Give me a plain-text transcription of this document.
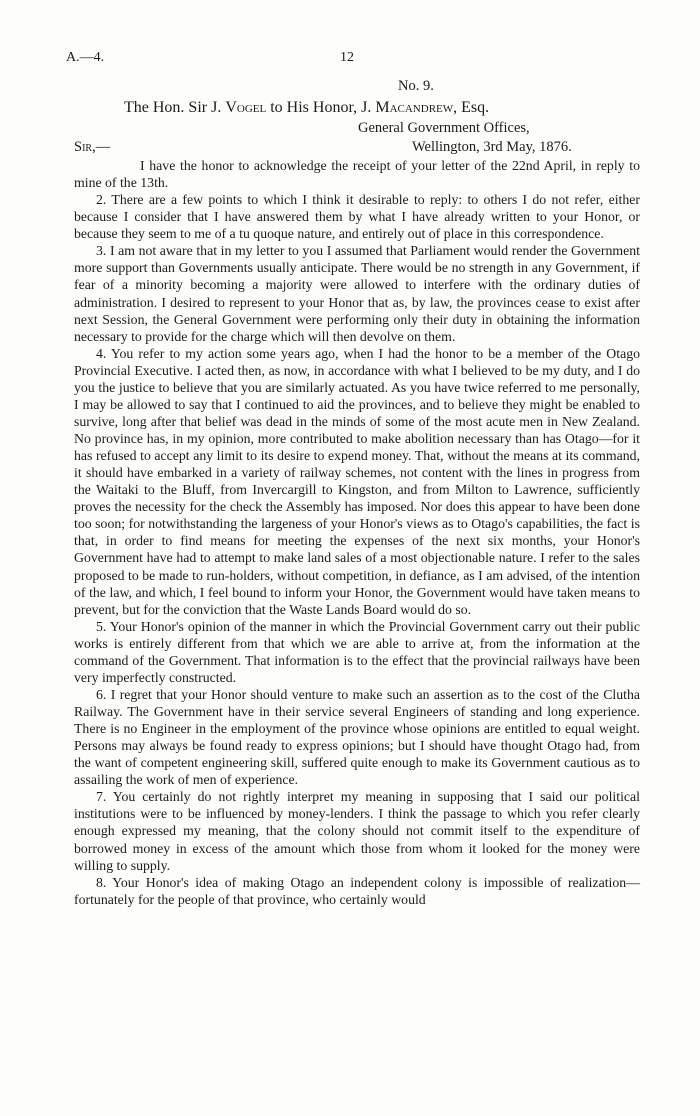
A.—4.	12
No. 9.
The Hon. Sir J. Vogel to His Honor, J. Macandrew, Esq.
General Government Offices,
Sir,—	Wellington, 3rd May, 1876.

I have the honor to acknowledge the receipt of your letter of the 22nd April, in reply to mine of the 13th.

2. There are a few points to which I think it desirable to reply: to others I do not refer, either because I consider that I have answered them by what I have already written to your Honor, or because they seem to me of a tu quoque nature, and entirely out of place in this correspondence.

3. I am not aware that in my letter to you I assumed that Parliament would render the Government more support than Governments usually anticipate. There would be no strength in any Government, if fear of a minority becoming a majority were allowed to interfere with the ordinary duties of administration. I desired to represent to your Honor that as, by law, the provinces cease to exist after next Session, the General Government were performing only their duty in obtaining the information necessary to provide for the charge which will then devolve on them.

4. You refer to my action some years ago, when I had the honor to be a member of the Otago Provincial Executive. I acted then, as now, in accordance with what I believed to be my duty, and I do you the justice to believe that you are similarly actuated. As you have twice referred to me personally, I may be allowed to say that I continued to aid the provinces, and to believe they might be enabled to survive, long after that belief was dead in the minds of some of the most acute men in New Zealand. No province has, in my opinion, more contributed to make abolition necessary than has Otago—for it has refused to accept any limit to its desire to expend money. That, without the means at its command, it should have embarked in a variety of railway schemes, not content with the lines in progress from the Waitaki to the Bluff, from Invercargill to Kingston, and from Milton to Lawrence, sufficiently proves the necessity for the check the Assembly has imposed. Nor does this appear to have been done too soon; for notwithstanding the largeness of your Honor's views as to Otago's capabilities, the fact is that, in order to find means for meeting the expenses of the next six months, your Honor's Government have had to attempt to make land sales of a most objectionable nature. I refer to the sales proposed to be made to run-holders, without competition, in defiance, as I am advised, of the intention of the law, and which, I feel bound to inform your Honor, the Government would have taken means to prevent, but for the conviction that the Waste Lands Board would do so.

5. Your Honor's opinion of the manner in which the Provincial Government carry out their public works is entirely different from that which we are able to arrive at, from the information at the command of the Government. That information is to the effect that the provincial railways have been very imperfectly constructed.

6. I regret that your Honor should venture to make such an assertion as to the cost of the Clutha Railway. The Government have in their service several Engineers of standing and long experience. There is no Engineer in the employment of the province whose opinions are entitled to equal weight. Persons may always be found ready to express opinions; but I should have thought Otago had, from the want of competent engineering skill, suffered quite enough to make its Government cautious as to assailing the work of men of experience.

7. You certainly do not rightly interpret my meaning in supposing that I said our political institutions were to be influenced by money-lenders. I think the passage to which you refer clearly enough expressed my meaning, that the colony should not commit itself to the expenditure of borrowed money in excess of the amount which those from whom it looked for the money were willing to supply.

8. Your Honor's idea of making Otago an independent colony is impossible of realization—fortunately for the people of that province, who certainly would
